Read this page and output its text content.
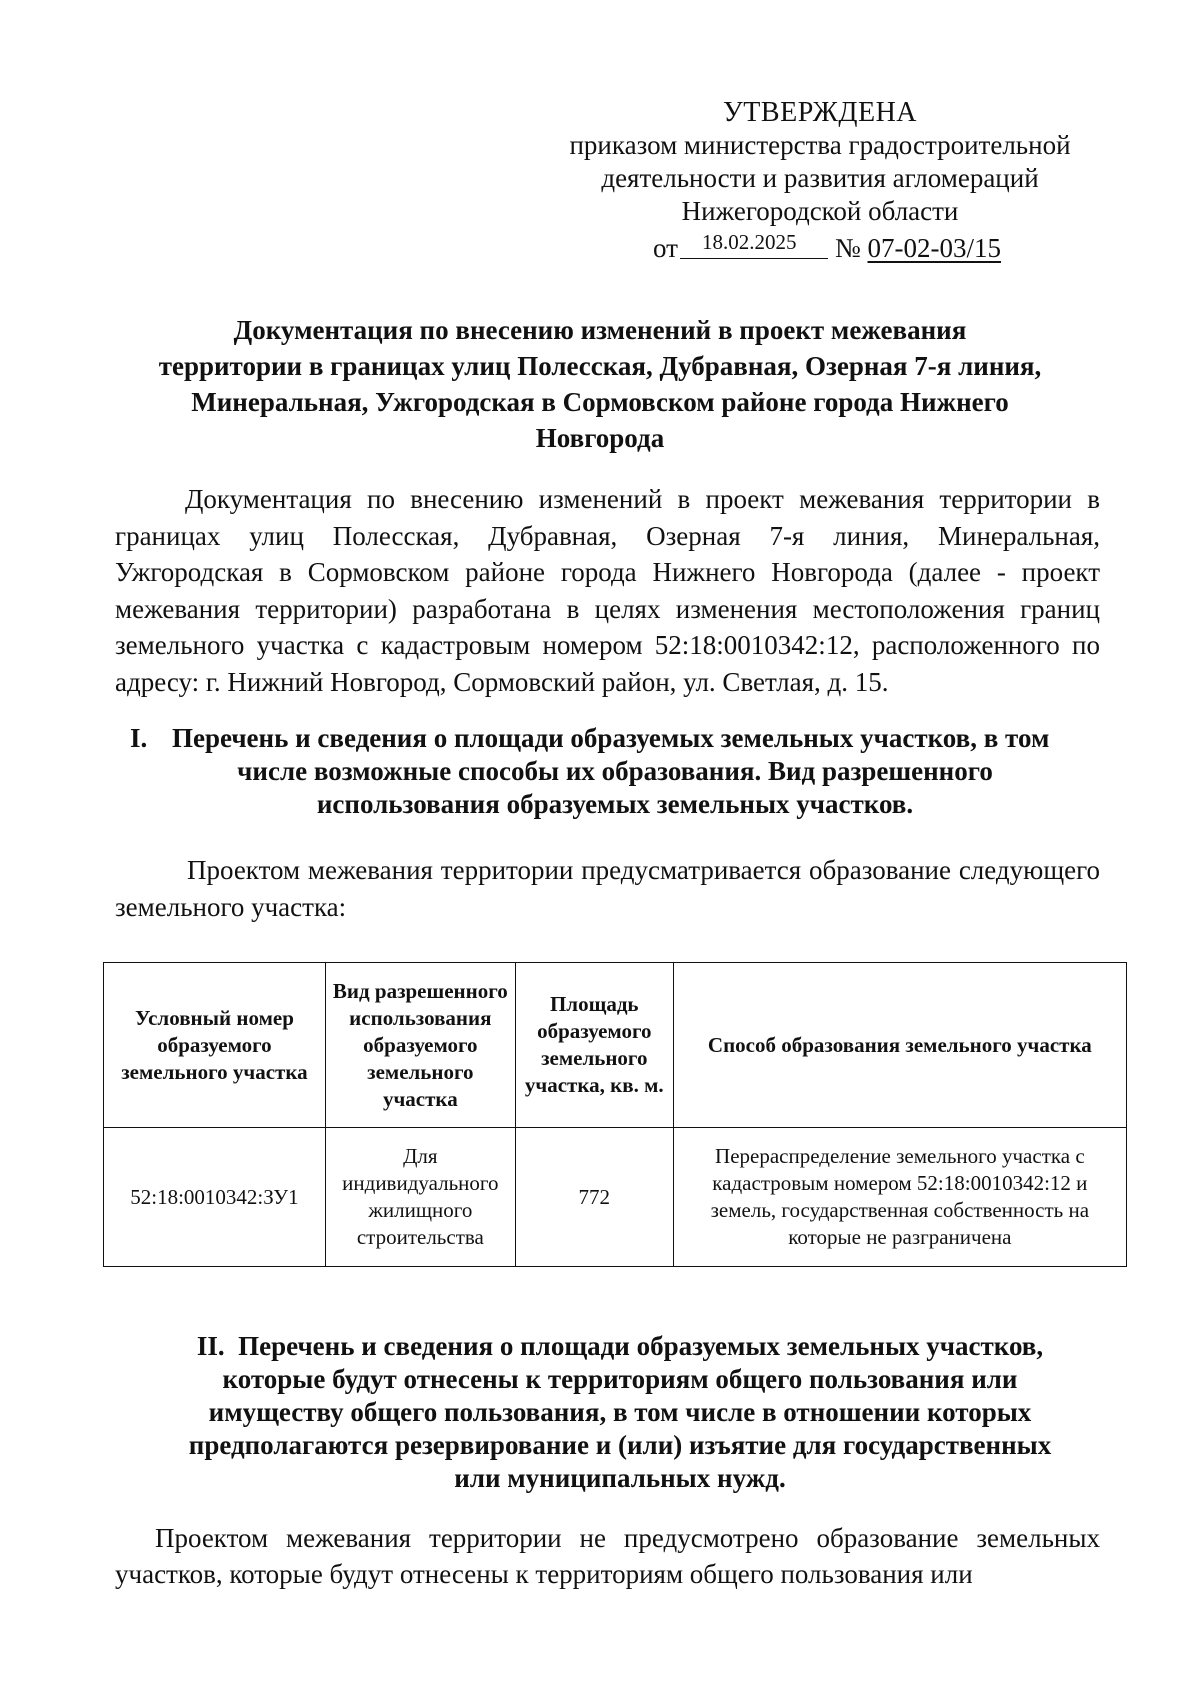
УТВЕРЖДЕНА
приказом министерства градостроительной
деятельности и развития агломераций
Нижегородской области
от 18.02.2025 № 07-02-03/15
Документация по внесению изменений в проект межевания
территории в границах улиц Полесская, Дубравная, Озерная 7-я линия,
Минеральная, Ужгородская в Сормовском районе города Нижнего
Новгорода
Документация по внесению изменений в проект межевания территории в границах улиц Полесская, Дубравная, Озерная 7-я линия, Минеральная, Ужгородская в Сормовском районе города Нижнего Новгорода (далее - проект межевания территории) разработана в целях изменения местоположения границ земельного участка с кадастровым номером 52:18:0010342:12, расположенного по адресу: г. Нижний Новгород, Сормовский район, ул. Светлая, д. 15.
I. Перечень и сведения о площади образуемых земельных участков, в том
числе возможные способы их образования. Вид разрешенного
использования образуемых земельных участков.
Проектом межевания территории предусматривается образование следующего земельного участка:
Условный номер образуемого земельного участка	Вид разрешенного использования образуемого земельного участка	Площадь образуемого земельного участка, кв. м.	Способ образования земельного участка
52:18:0010342:ЗУ1	Для индивидуального жилищного строительства	772	Перераспределение земельного участка с кадастровым номером 52:18:0010342:12 и земель, государственная собственность на которые не разграничена
II. Перечень и сведения о площади образуемых земельных участков,
которые будут отнесены к территориям общего пользования или
имуществу общего пользования, в том числе в отношении которых
предполагаются резервирование и (или) изъятие для государственных
или муниципальных нужд.
Проектом межевания территории не предусмотрено образование земельных участков, которые будут отнесены к территориям общего пользования или
